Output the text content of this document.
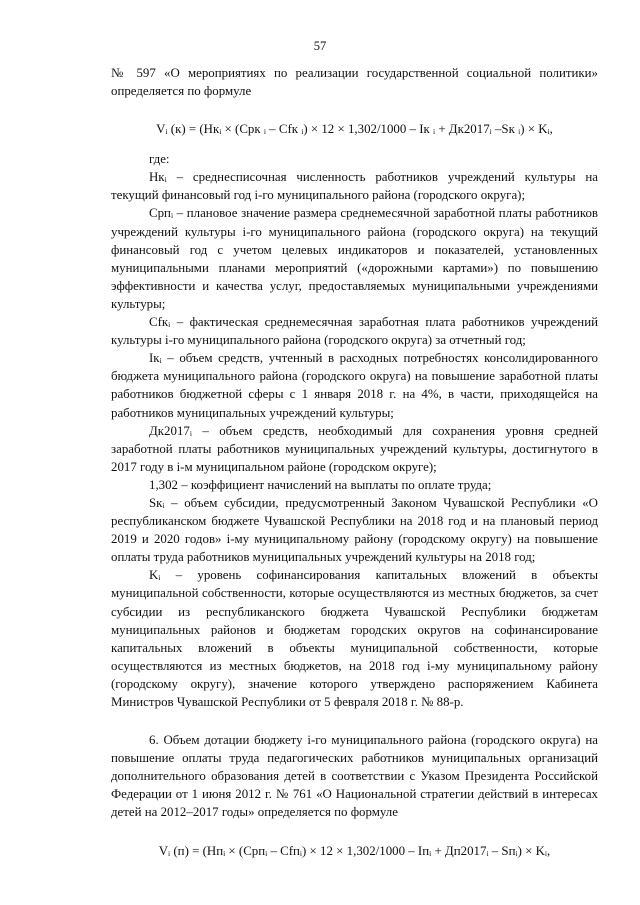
57

№ 597 «О мероприятиях по реализации государственной социальной политики» определяется по формуле

Vᵢ (к) = (Нкᵢ × (Срк ᵢ – Сfк ᵢ) × 12 × 1,302/1000 – Iк ᵢ + Дк2017ᵢ –Sк ᵢ) × Kᵢ,

где:

Нкᵢ – среднесписочная численность работников учреждений культуры на текущий финансовый год i-го муниципального района (городского округа);

Српᵢ – плановое значение размера среднемесячной заработной платы работников учреждений культуры i-го муниципального района (городского округа) на текущий финансовый год с учетом целевых индикаторов и показателей, установленных муниципальными планами мероприятий («дорожными картами») по повышению эффективности и качества услуг, предоставляемых муниципальными учреждениями культуры;

Сfкᵢ – фактическая среднемесячная заработная плата работников учреждений культуры i-го муниципального района (городского округа) за отчетный год;

Iкᵢ – объем средств, учтенный в расходных потребностях консолидированного бюджета муниципального района (городского округа) на повышение заработной платы работников бюджетной сферы с 1 января 2018 г. на 4%, в части, приходящейся на работников муниципальных учреждений культуры;

Дк2017ᵢ – объем средств, необходимый для сохранения уровня средней заработной платы работников муниципальных учреждений культуры, достигнутого в 2017 году в i-м муниципальном районе (городском округе);

1,302 – коэффициент начислений на выплаты по оплате труда;

Sкᵢ – объем субсидии, предусмотренный Законом Чувашской Республики «О республиканском бюджете Чувашской Республики на 2018 год и на плановый период 2019 и 2020 годов» i-му муниципальному району (городскому округу) на повышение оплаты труда работников муниципальных учреждений культуры на 2018 год;

Kᵢ – уровень софинансирования капитальных вложений в объекты муниципальной собственности, которые осуществляются из местных бюджетов, за счет субсидии из республиканского бюджета Чувашской Республики бюджетам муниципальных районов и бюджетам городских округов на софинансирование капитальных вложений в объекты муниципальной собственности, которые осуществляются из местных бюджетов, на 2018 год i-му муниципальному району (городскому округу), значение которого утверждено распоряжением Кабинета Министров Чувашской Республики от 5 февраля 2018 г. № 88-р.

6. Объем дотации бюджету i-го муниципального района (городского округа) на повышение оплаты труда педагогических работников муниципальных организаций дополнительного образования детей в соответствии с Указом Президента Российской Федерации от 1 июня 2012 г. № 761 «О Национальной стратегии действий в интересах детей на 2012–2017 годы» определяется по формуле

Vᵢ (п) = (Нпᵢ × (Српᵢ – Сfпᵢ) × 12 × 1,302/1000 – Iпᵢ + Дп2017ᵢ – Sпᵢ) × Kᵢ,
